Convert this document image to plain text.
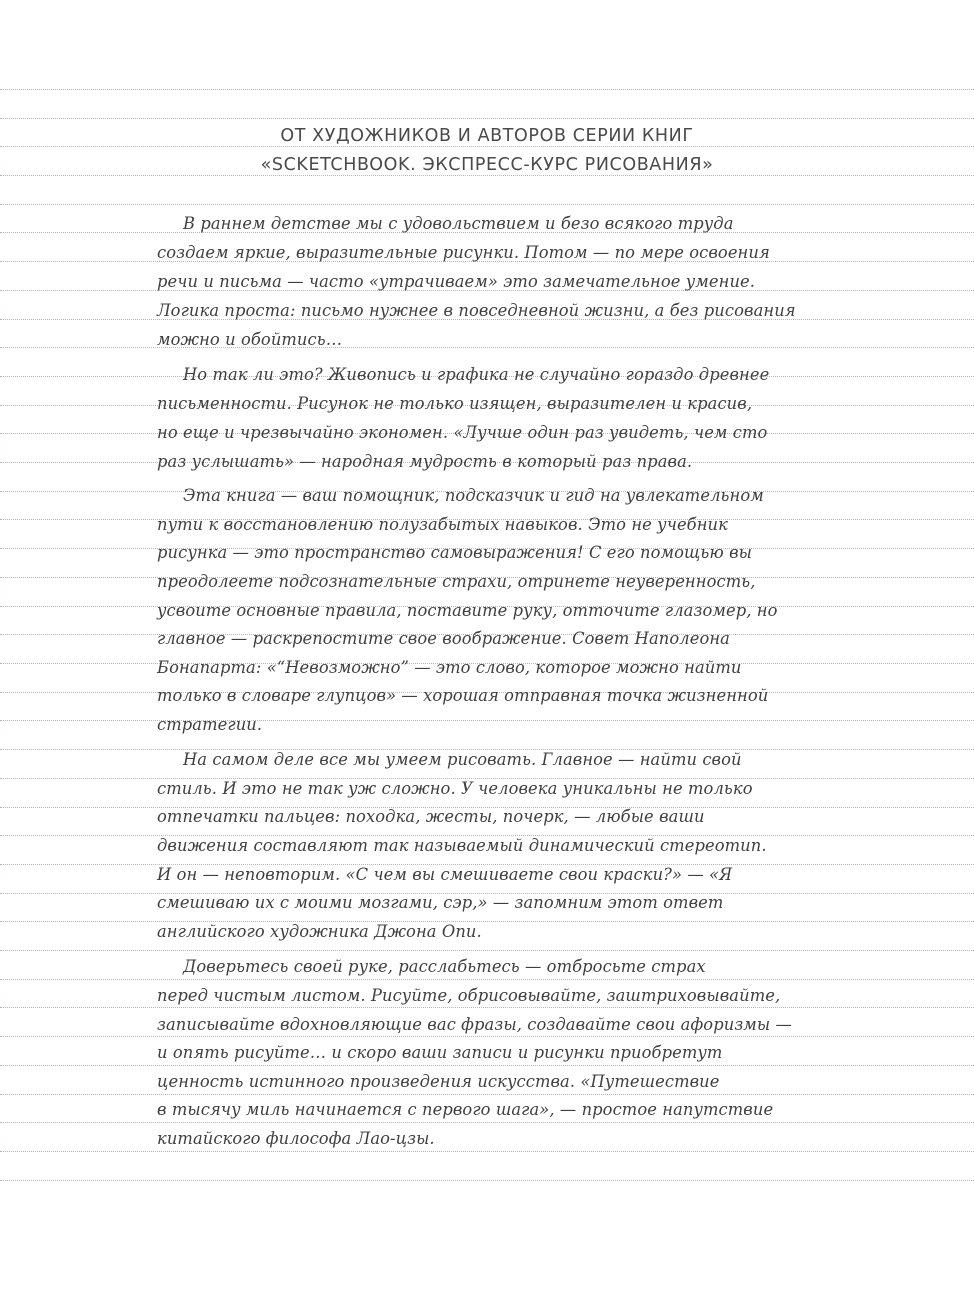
ОТ ХУДОЖНИКОВ И АВТОРОВ СЕРИИ КНИГ
«SCKETCHBOOK. ЭКСПРЕСС-КУРС РИСОВАНИЯ»
В раннем детстве мы с удовольствием и безо всякого труда
создаем яркие, выразительные рисунки. Потом — по мере освоения
речи и письма — часто «утрачиваем» это замечательное умение.
Логика проста: письмо нужнее в повседневной жизни, а без рисования
можно и обойтись…
Но так ли это? Живопись и графика не случайно гораздо древнее
письменности. Рисунок не только изящен, выразителен и красив,
но еще и чрезвычайно экономен. «Лучше один раз увидеть, чем сто
раз услышать» — народная мудрость в который раз права.
Эта книга — ваш помощник, подсказчик и гид на увлекательном
пути к восстановлению полузабытых навыков. Это не учебник
рисунка — это пространство самовыражения! С его помощью вы
преодолеете подсознательные страхи, отринете неуверенность,
усвоите основные правила, поставите руку, отточите глазомер, но
главное — раскрепостите свое воображение. Совет Наполеона
Бонапарта: «“Невозможно” — это слово, которое можно найти
только в словаре глупцов» — хорошая отправная точка жизненной
стратегии.
На самом деле все мы умеем рисовать. Главное — найти свой
стиль. И это не так уж сложно. У человека уникальны не только
отпечатки пальцев: походка, жесты, почерк, — любые ваши
движения составляют так называемый динамический стереотип.
И он — неповторим. «С чем вы смешиваете свои краски?» — «Я
смешиваю их с моими мозгами, сэр,» — запомним этот ответ
английского художника Джона Опи.
Доверьтесь своей руке, расслабьтесь — отбросьте страх
перед чистым листом. Рисуйте, обрисовывайте, заштриховывайте,
записывайте вдохновляющие вас фразы, создавайте свои афоризмы —
и опять рисуйте… и скоро ваши записи и рисунки приобретут
ценность истинного произведения искусства. «Путешествие
в тысячу миль начинается с первого шага», — простое напутствие
китайского философа Лао-цзы.
